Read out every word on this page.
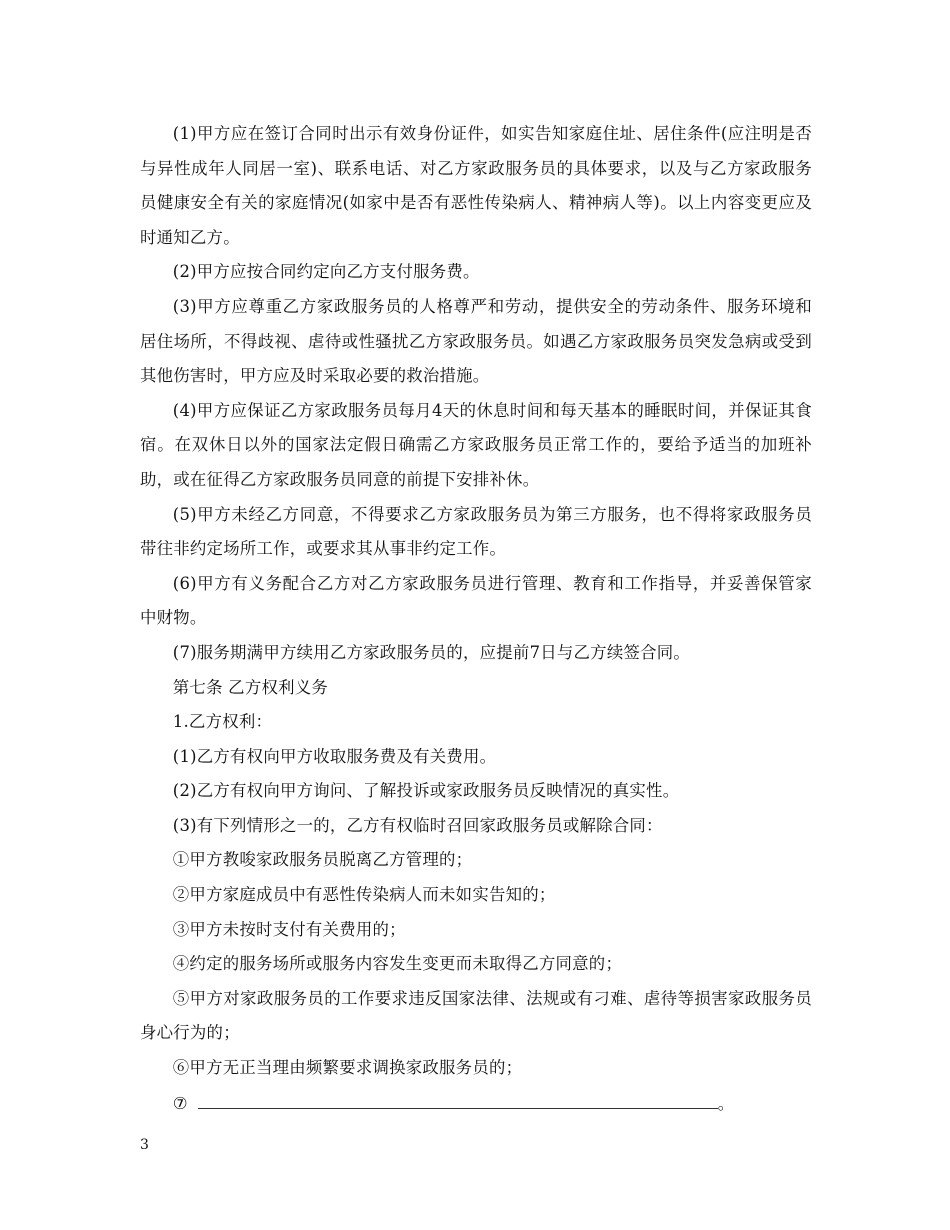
(1)甲方应在签订合同时出示有效身份证件，如实告知家庭住址、居住条件(应注明是否与异性成年人同居一室)、联系电话、对乙方家政服务员的具体要求，以及与乙方家政服务员健康安全有关的家庭情况(如家中是否有恶性传染病人、精神病人等)。以上内容变更应及时通知乙方。

(2)甲方应按合同约定向乙方支付服务费。

(3)甲方应尊重乙方家政服务员的人格尊严和劳动，提供安全的劳动条件、服务环境和居住场所，不得歧视、虐待或性骚扰乙方家政服务员。如遇乙方家政服务员突发急病或受到其他伤害时，甲方应及时采取必要的救治措施。

(4)甲方应保证乙方家政服务员每月4天的休息时间和每天基本的睡眠时间，并保证其食宿。在双休日以外的国家法定假日确需乙方家政服务员正常工作的，要给予适当的加班补助，或在征得乙方家政服务员同意的前提下安排补休。

(5)甲方未经乙方同意，不得要求乙方家政服务员为第三方服务，也不得将家政服务员带往非约定场所工作，或要求其从事非约定工作。

(6)甲方有义务配合乙方对乙方家政服务员进行管理、教育和工作指导，并妥善保管家中财物。

(7)服务期满甲方续用乙方家政服务员的，应提前7日与乙方续签合同。

第七条 乙方权利义务

1.乙方权利：

(1)乙方有权向甲方收取服务费及有关费用。

(2)乙方有权向甲方询问、了解投诉或家政服务员反映情况的真实性。

(3)有下列情形之一的，乙方有权临时召回家政服务员或解除合同：

①甲方教唆家政服务员脱离乙方管理的；

②甲方家庭成员中有恶性传染病人而未如实告知的；

③甲方未按时支付有关费用的；

④约定的服务场所或服务内容发生变更而未取得乙方同意的；

⑤甲方对家政服务员的工作要求违反国家法律、法规或有刁难、虐待等损害家政服务员身心行为的；

⑥甲方无正当理由频繁要求调换家政服务员的；

⑦	。

3
